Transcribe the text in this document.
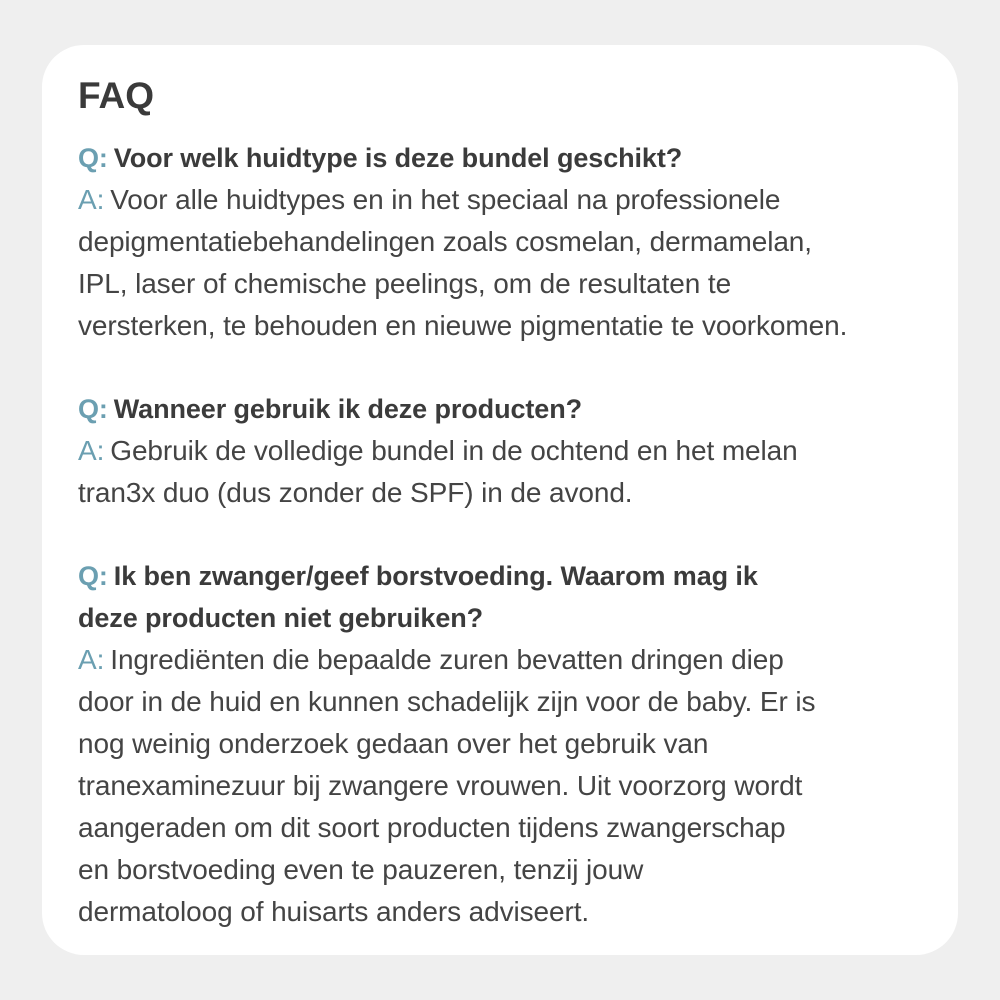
FAQ
Q: Voor welk huidtype is deze bundel geschikt?
A: Voor alle huidtypes en in het speciaal na professionele
depigmentatiebehandelingen zoals cosmelan, dermamelan,
IPL, laser of chemische peelings, om de resultaten te
versterken, te behouden en nieuwe pigmentatie te voorkomen.
Q: Wanneer gebruik ik deze producten?
A: Gebruik de volledige bundel in de ochtend en het melan
tran3x duo (dus zonder de SPF) in de avond.
Q: Ik ben zwanger/geef borstvoeding. Waarom mag ik
deze producten niet gebruiken?
A: Ingrediënten die bepaalde zuren bevatten dringen diep
door in de huid en kunnen schadelijk zijn voor de baby. Er is
nog weinig onderzoek gedaan over het gebruik van
tranexaminezuur bij zwangere vrouwen. Uit voorzorg wordt
aangeraden om dit soort producten tijdens zwangerschap
en borstvoeding even te pauzeren, tenzij jouw
dermatoloog of huisarts anders adviseert.
